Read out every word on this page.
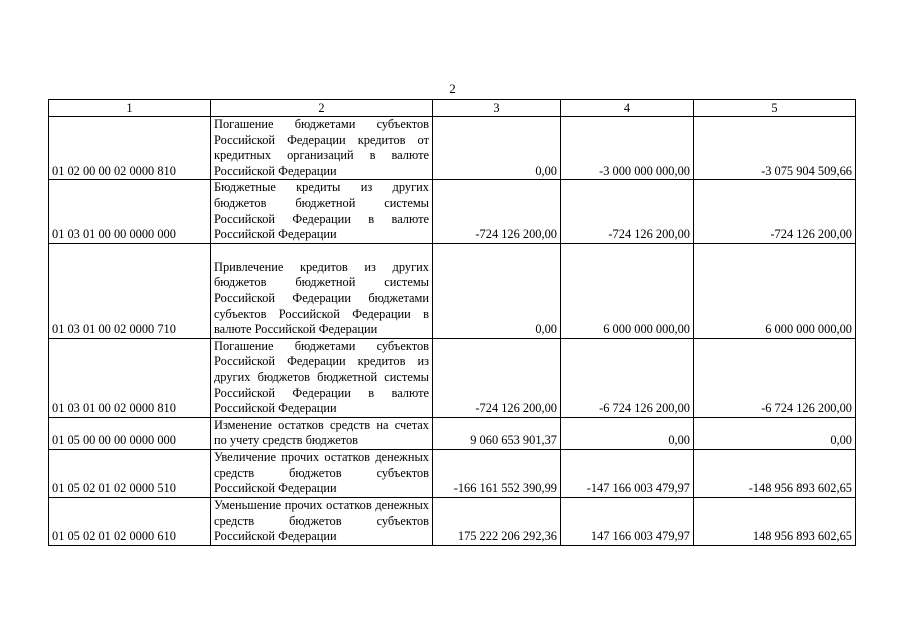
2
1	2	3	4	5
01 02 00 00 02 0000 810	Погашение бюджетами субъектов Российской Федерации кредитов от кредитных организаций в валюте Российской Федерации	0,00	-3 000 000 000,00	-3 075 904 509,66
01 03 01 00 00 0000 000	Бюджетные кредиты из других бюджетов бюджетной системы Российской Федерации в валюте Российской Федерации	-724 126 200,00	-724 126 200,00	-724 126 200,00
01 03 01 00 02 0000 710	Привлечение кредитов из других бюджетов бюджетной системы Российской Федерации бюджетами субъектов Российской Федерации в валюте Российской Федерации	0,00	6 000 000 000,00	6 000 000 000,00
01 03 01 00 02 0000 810	Погашение бюджетами субъектов Российской Федерации кредитов из других бюджетов бюджетной системы Российской Федерации в валюте Российской Федерации	-724 126 200,00	-6 724 126 200,00	-6 724 126 200,00
01 05 00 00 00 0000 000	Изменение остатков средств на счетах по учету средств бюджетов	9 060 653 901,37	0,00	0,00
01 05 02 01 02 0000 510	Увеличение прочих остатков денежных средств бюджетов субъектов Российской Федерации	-166 161 552 390,99	-147 166 003 479,97	-148 956 893 602,65
01 05 02 01 02 0000 610	Уменьшение прочих остатков денежных средств бюджетов субъектов Российской Федерации	175 222 206 292,36	147 166 003 479,97	148 956 893 602,65
